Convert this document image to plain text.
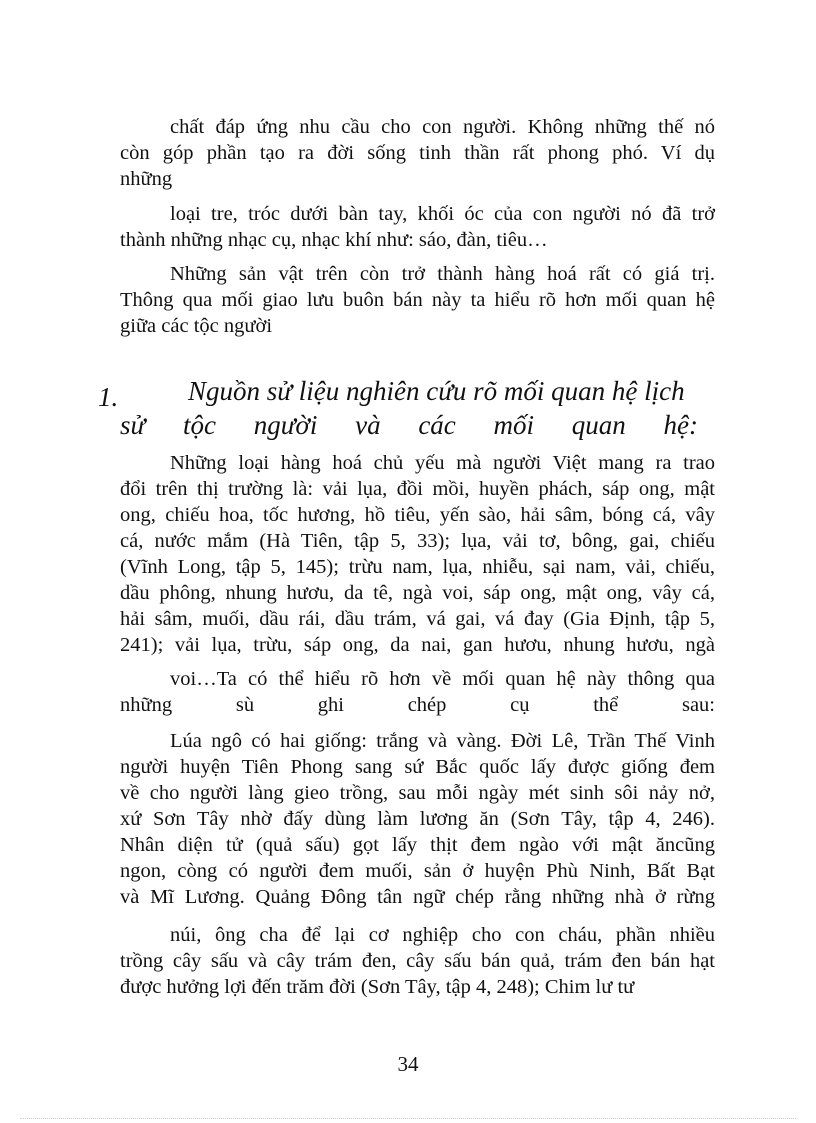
chất đáp ứng nhu cầu cho con người. Không những thế nó
còn góp phần tạo ra đời sống tinh thần rất phong phó. Ví dụ
những
loại tre, tróc dưới bàn tay, khối óc của con người nó đã trở
thành những nhạc cụ, nhạc khí như: sáo, đàn, tiêu…
Những sản vật trên còn trở thành hàng hoá rất có giá trị.
Thông qua mối giao lưu buôn bán này ta hiểu rõ hơn mối quan hệ
giữa các tộc người
1.	Nguồn sử liệu nghiên cứu rõ mối quan hệ lịch
sử tộc người và các mối quan hệ:
Những loại hàng hoá chủ yếu mà người Việt mang ra trao
đổi trên thị trường là: vải lụa, đồi mồi, huyền phách, sáp ong, mật
ong, chiếu hoa, tốc hương, hồ tiêu, yến sào, hải sâm, bóng cá, vây
cá, nước mắm (Hà Tiên, tập 5, 33); lụa, vải tơ, bông, gai, chiếu
(Vĩnh Long, tập 5, 145); trừu nam, lụa, nhiễu, sại nam, vải, chiếu,
dầu phông, nhung hươu, da tê, ngà voi, sáp ong, mật ong, vây cá,
hải sâm, muối, dầu rái, dầu trám, vá gai, vá đay (Gia Định, tập 5,
241); vải lụa, trừu, sáp ong, da nai, gan hươu, nhung hươu, ngà
voi…Ta có thể hiểu rõ hơn về mối quan hệ này thông qua
những sù ghi chép cụ thể sau:
Lúa ngô có hai giống: trắng và vàng. Đời Lê, Trần Thế Vinh
người huyện Tiên Phong sang sứ Bắc quốc lấy được giống đem
về cho người làng gieo trồng, sau mỗi ngày mét sinh sôi nảy nở,
xứ Sơn Tây nhờ đấy dùng làm lương ăn (Sơn Tây, tập 4, 246).
Nhân diện tử (quả sấu) gọt lấy thịt đem ngào với mật ăncũng
ngon, còng có người đem muối, sản ở huyện Phù Ninh, Bất Bạt
và Mĩ Lương. Quảng Đông tân ngữ chép rằng những nhà ở rừng
núi, ông cha để lại cơ nghiệp cho con cháu, phần nhiều
trồng cây sấu và cây trám đen, cây sấu bán quả, trám đen bán hạt
được hưởng lợi đến trăm đời (Sơn Tây, tập 4, 248); Chim lư tư
34
